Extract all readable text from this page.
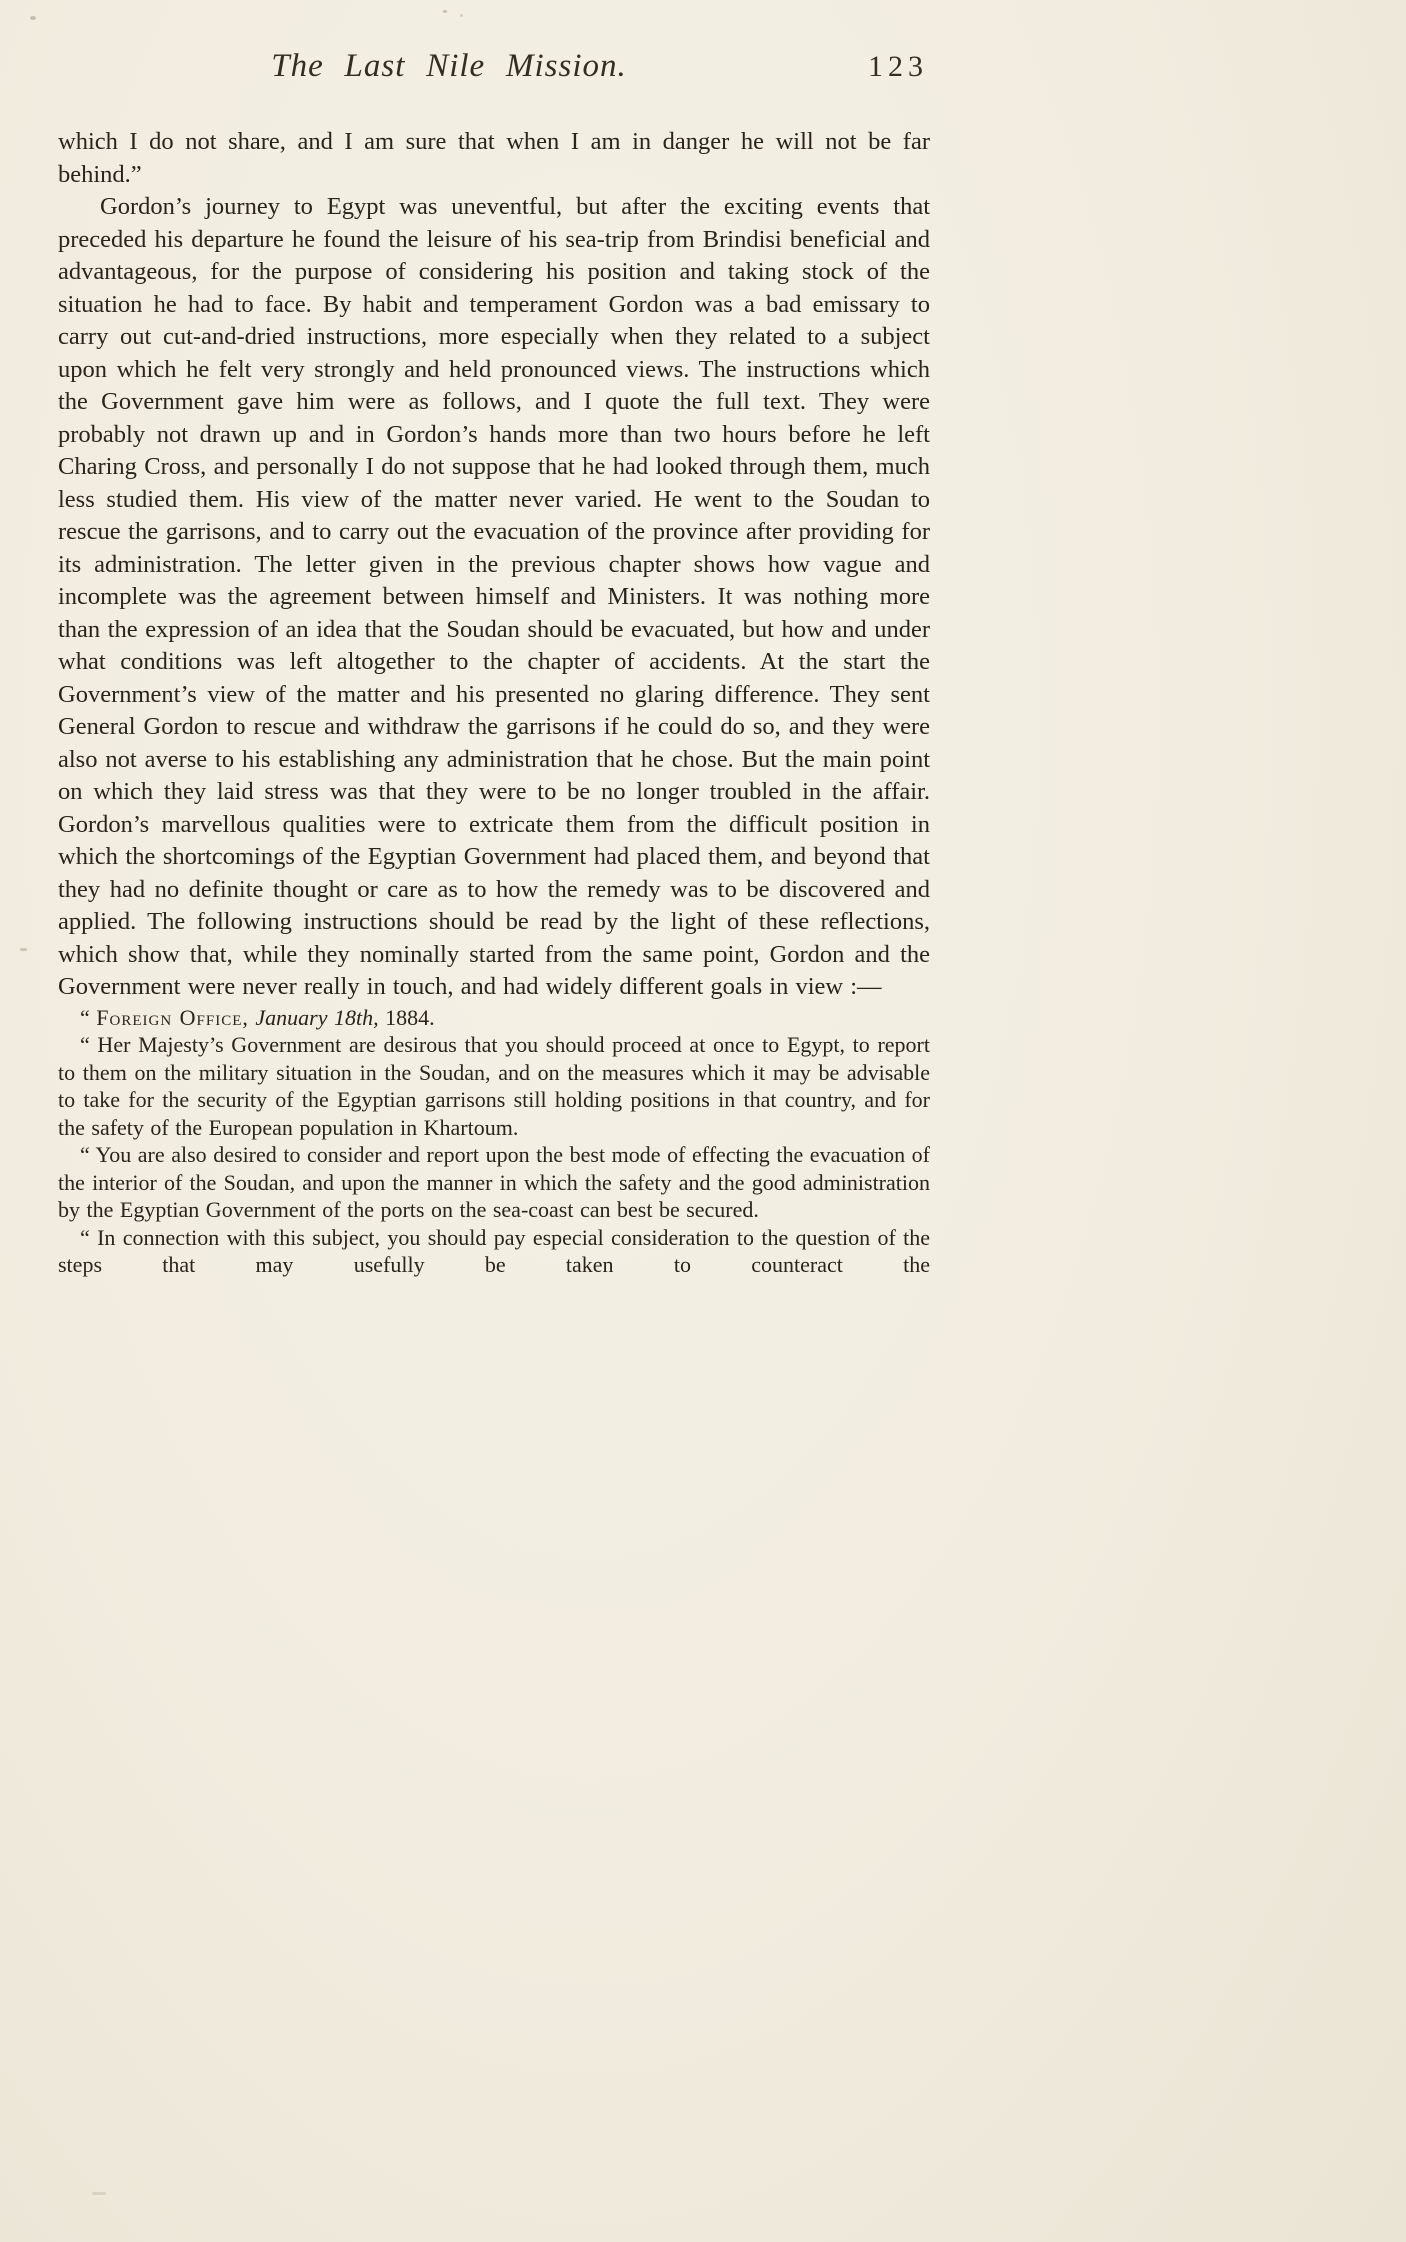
The Last Nile Mission.	123

which I do not share, and I am sure that when I am in danger he will not be far behind.”

Gordon’s journey to Egypt was uneventful, but after the exciting events that preceded his departure he found the leisure of his sea-trip from Brindisi beneficial and advantageous, for the purpose of considering his position and taking stock of the situation he had to face. By habit and temperament Gordon was a bad emissary to carry out cut-and-dried instructions, more especially when they related to a subject upon which he felt very strongly and held pronounced views. The instructions which the Government gave him were as follows, and I quote the full text. They were probably not drawn up and in Gordon’s hands more than two hours before he left Charing Cross, and personally I do not suppose that he had looked through them, much less studied them. His view of the matter never varied. He went to the Soudan to rescue the garrisons, and to carry out the evacuation of the province after providing for its administration. The letter given in the previous chapter shows how vague and incomplete was the agreement between himself and Ministers. It was nothing more than the expression of an idea that the Soudan should be evacuated, but how and under what conditions was left altogether to the chapter of accidents. At the start the Government’s view of the matter and his presented no glaring difference. They sent General Gordon to rescue and withdraw the garrisons if he could do so, and they were also not averse to his establishing any administration that he chose. But the main point on which they laid stress was that they were to be no longer troubled in the affair. Gordon’s marvellous qualities were to extricate them from the difficult position in which the shortcomings of the Egyptian Government had placed them, and beyond that they had no definite thought or care as to how the remedy was to be discovered and applied. The following instructions should be read by the light of these reflections, which show that, while they nominally started from the same point, Gordon and the Government were never really in touch, and had widely different goals in view :—

“ Foreign Office, January 18th, 1884.

“ Her Majesty’s Government are desirous that you should proceed at once to Egypt, to report to them on the military situation in the Soudan, and on the measures which it may be advisable to take for the security of the Egyptian garrisons still holding positions in that country, and for the safety of the European population in Khartoum.

“ You are also desired to consider and report upon the best mode of effecting the evacuation of the interior of the Soudan, and upon the manner in which the safety and the good administration by the Egyptian Government of the ports on the sea-coast can best be secured.

“ In connection with this subject, you should pay especial consideration to the question of the steps that may usefully be taken to counteract the
